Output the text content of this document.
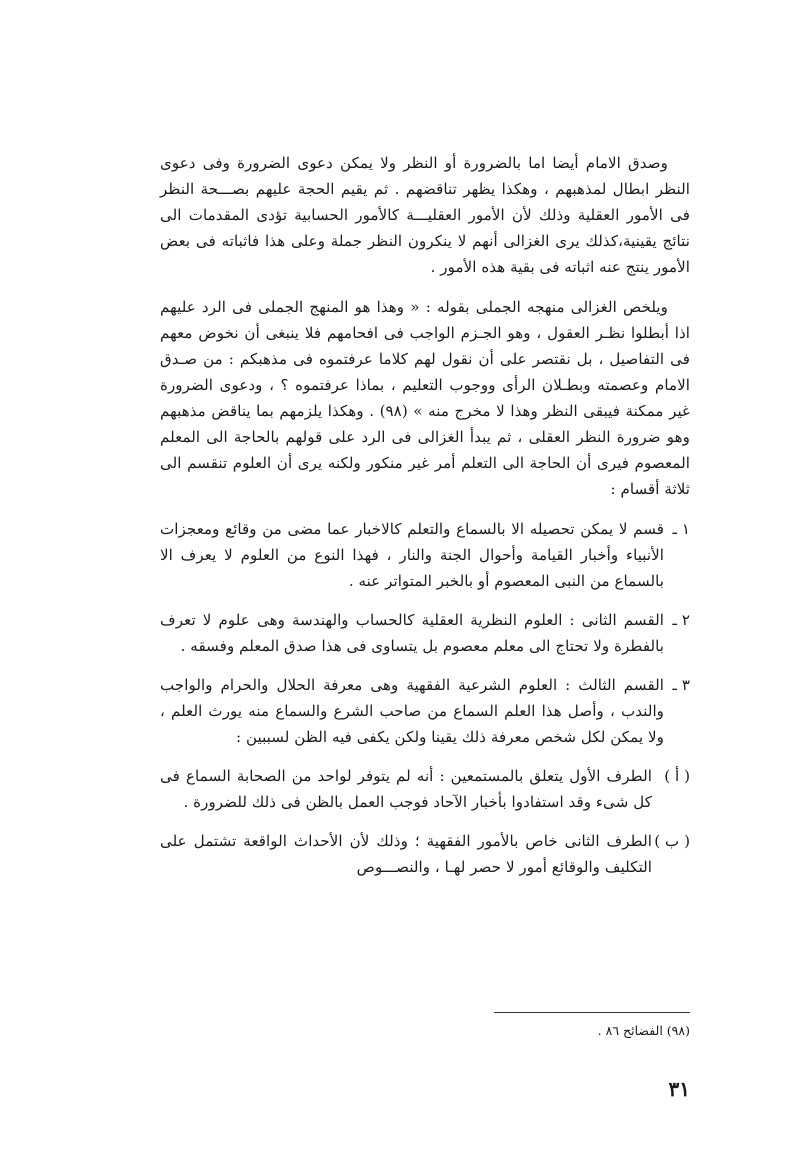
وصدق الامام أيضا اما بالضرورة أو النظر ولا يمكن دعوى الضرورة وفى دعوى النظر ابطال لمذهبهم ، وهكذا يظهر تناقضهم . ثم يقيم الحجة عليهم بصـــحة النظر فى الأمور العقلية وذلك لأن الأمور العقليـــة كالأمور الحسابية تؤدى المقدمات الى نتائج يقينية،كذلك يرى الغزالى أنهم لا ينكرون النظر جملة وعلى هذا فاثباته فى بعض الأمور ينتج عنه اثباته فى بقية هذه الأمور .

ويلخص الغزالى منهجه الجملى بقوله : « وهذا هو المنهج الجملى فى الرد عليهم اذا أبطلوا نظـر العقول ، وهو الجـزم الواجب فى افحامهم فلا ينبغى أن نخوض معهم فى التفاصيل ، بل نقتصر على أن نقول لهم كلاما عرفتموه فى مذهبكم : من صـدق الامام وعصمته وبطـلان الرأى ووجوب التعليم ، بماذا عرفتموه ؟ ، ودعوى الضرورة غير ممكنة فيبقى النظر وهذا لا مخرج منه » (٩٨) . وهكذا يلزمهم بما يناقض مذهبهم وهو ضرورة النظر العقلى ، ثم يبدأ الغزالى فى الرد على قولهم بالحاجة الى المعلم المعصوم فيرى أن الحاجة الى التعلم أمر غير منكور ولكنه يرى أن العلوم تنقسم الى ثلاثة أقسام :

١ ـ
قسم لا يمكن تحصيله الا بالسماع والتعلم كالاخبار عما مضى من وقائع ومعجزات الأنبياء وأخبار القيامة وأحوال الجنة والنار ، فهذا النوع من العلوم لا يعرف الا بالسماع من النبى المعصوم أو بالخبر المتواتر عنه .
٢ ـ
القسم الثانى : العلوم النظرية العقلية كالحساب والهندسة وهى علوم لا تعرف بالفطرة ولا تحتاج الى معلم معصوم بل يتساوى فى هذا صدق المعلم وفسقه .
٣ ـ
القسم الثالث : العلوم الشرعية الفقهية وهى معرفة الحلال والحرام والواجب والندب ، وأصل هذا العلم السماع من صاحب الشرع والسماع منه يورث العلم ، ولا يمكن لكل شخص معرفة ذلك يقينا ولكن يكفى فيه الظن لسببين :
( أ )
الطرف الأول يتعلق بالمستمعين : أنه لم يتوفر لواحد من الصحابة السماع فى كل شىء وقد استفادوا بأخبار الآحاد فوجب العمل بالظن فى ذلك للضرورة .
( ب )
الطرف الثانى خاص بالأمور الفقهية ؛ وذلك لأن الأحداث الواقعة تشتمل على التكليف والوقائع أمور لا حصر لهـا ، والنصـــوص
(٩٨) الفضائح ٨٦ .
٣١
